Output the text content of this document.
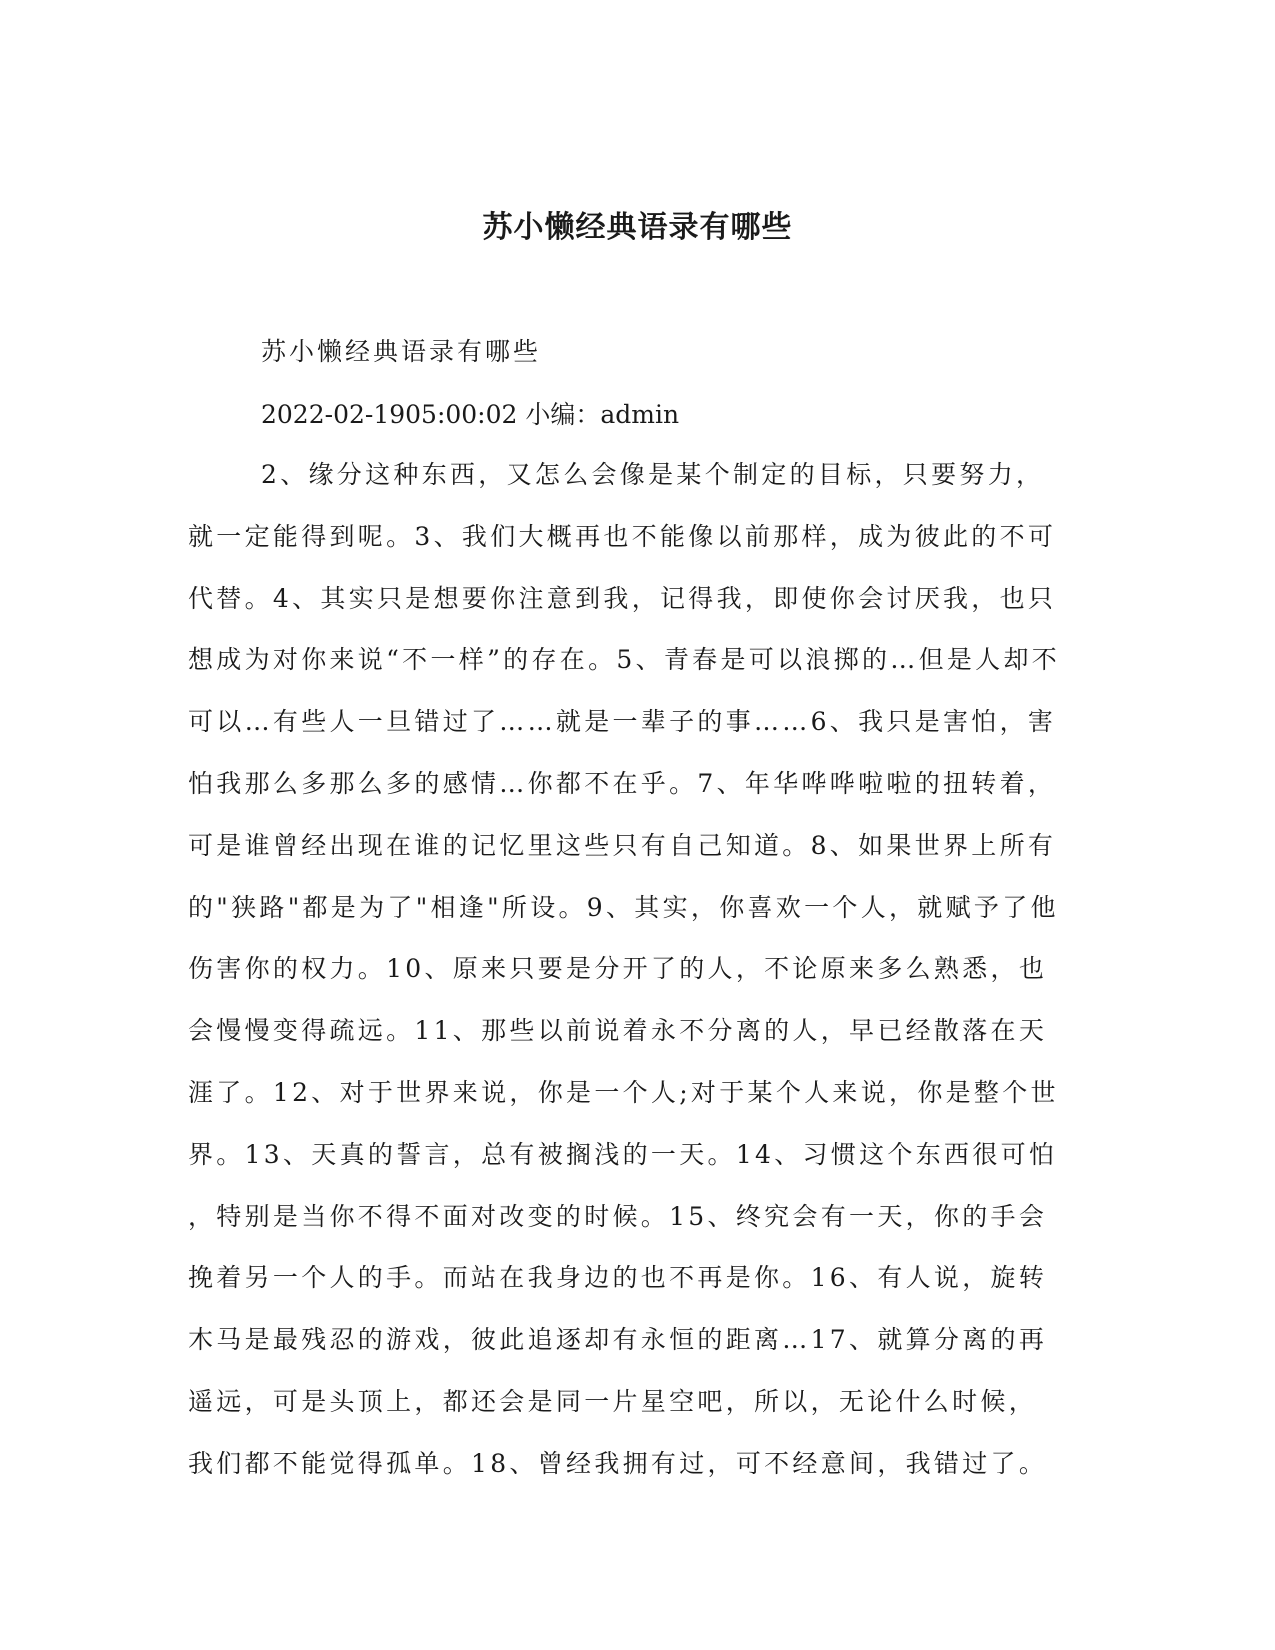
苏小懒经典语录有哪些

苏小懒经典语录有哪些

2022-02-1905:00:02 小编：admin

2、缘分这种东西，又怎么会像是某个制定的目标，只要努力，
就一定能得到呢。3、我们大概再也不能像以前那样，成为彼此的不可
代替。4、其实只是想要你注意到我，记得我，即使你会讨厌我，也只
想成为对你来说“不一样”的存在。5、青春是可以浪掷的…但是人却不
可以…有些人一旦错过了……就是一辈子的事……6、我只是害怕，害
怕我那么多那么多的感情…你都不在乎。7、年华哗哗啦啦的扭转着，
可是谁曾经出现在谁的记忆里这些只有自己知道。8、如果世界上所有
的"狭路"都是为了"相逢"所设。9、其实，你喜欢一个人，就赋予了他
伤害你的权力。10、原来只要是分开了的人，不论原来多么熟悉，也
会慢慢变得疏远。11、那些以前说着永不分离的人，早已经散落在天
涯了。12、对于世界来说，你是一个人;对于某个人来说，你是整个世
界。13、天真的誓言，总有被搁浅的一天。14、习惯这个东西很可怕
，特别是当你不得不面对改变的时候。15、终究会有一天，你的手会
挽着另一个人的手。而站在我身边的也不再是你。16、有人说，旋转
木马是最残忍的游戏，彼此追逐却有永恒的距离…17、就算分离的再
遥远，可是头顶上，都还会是同一片星空吧，所以，无论什么时候，
我们都不能觉得孤单。18、曾经我拥有过，可不经意间，我错过了。
